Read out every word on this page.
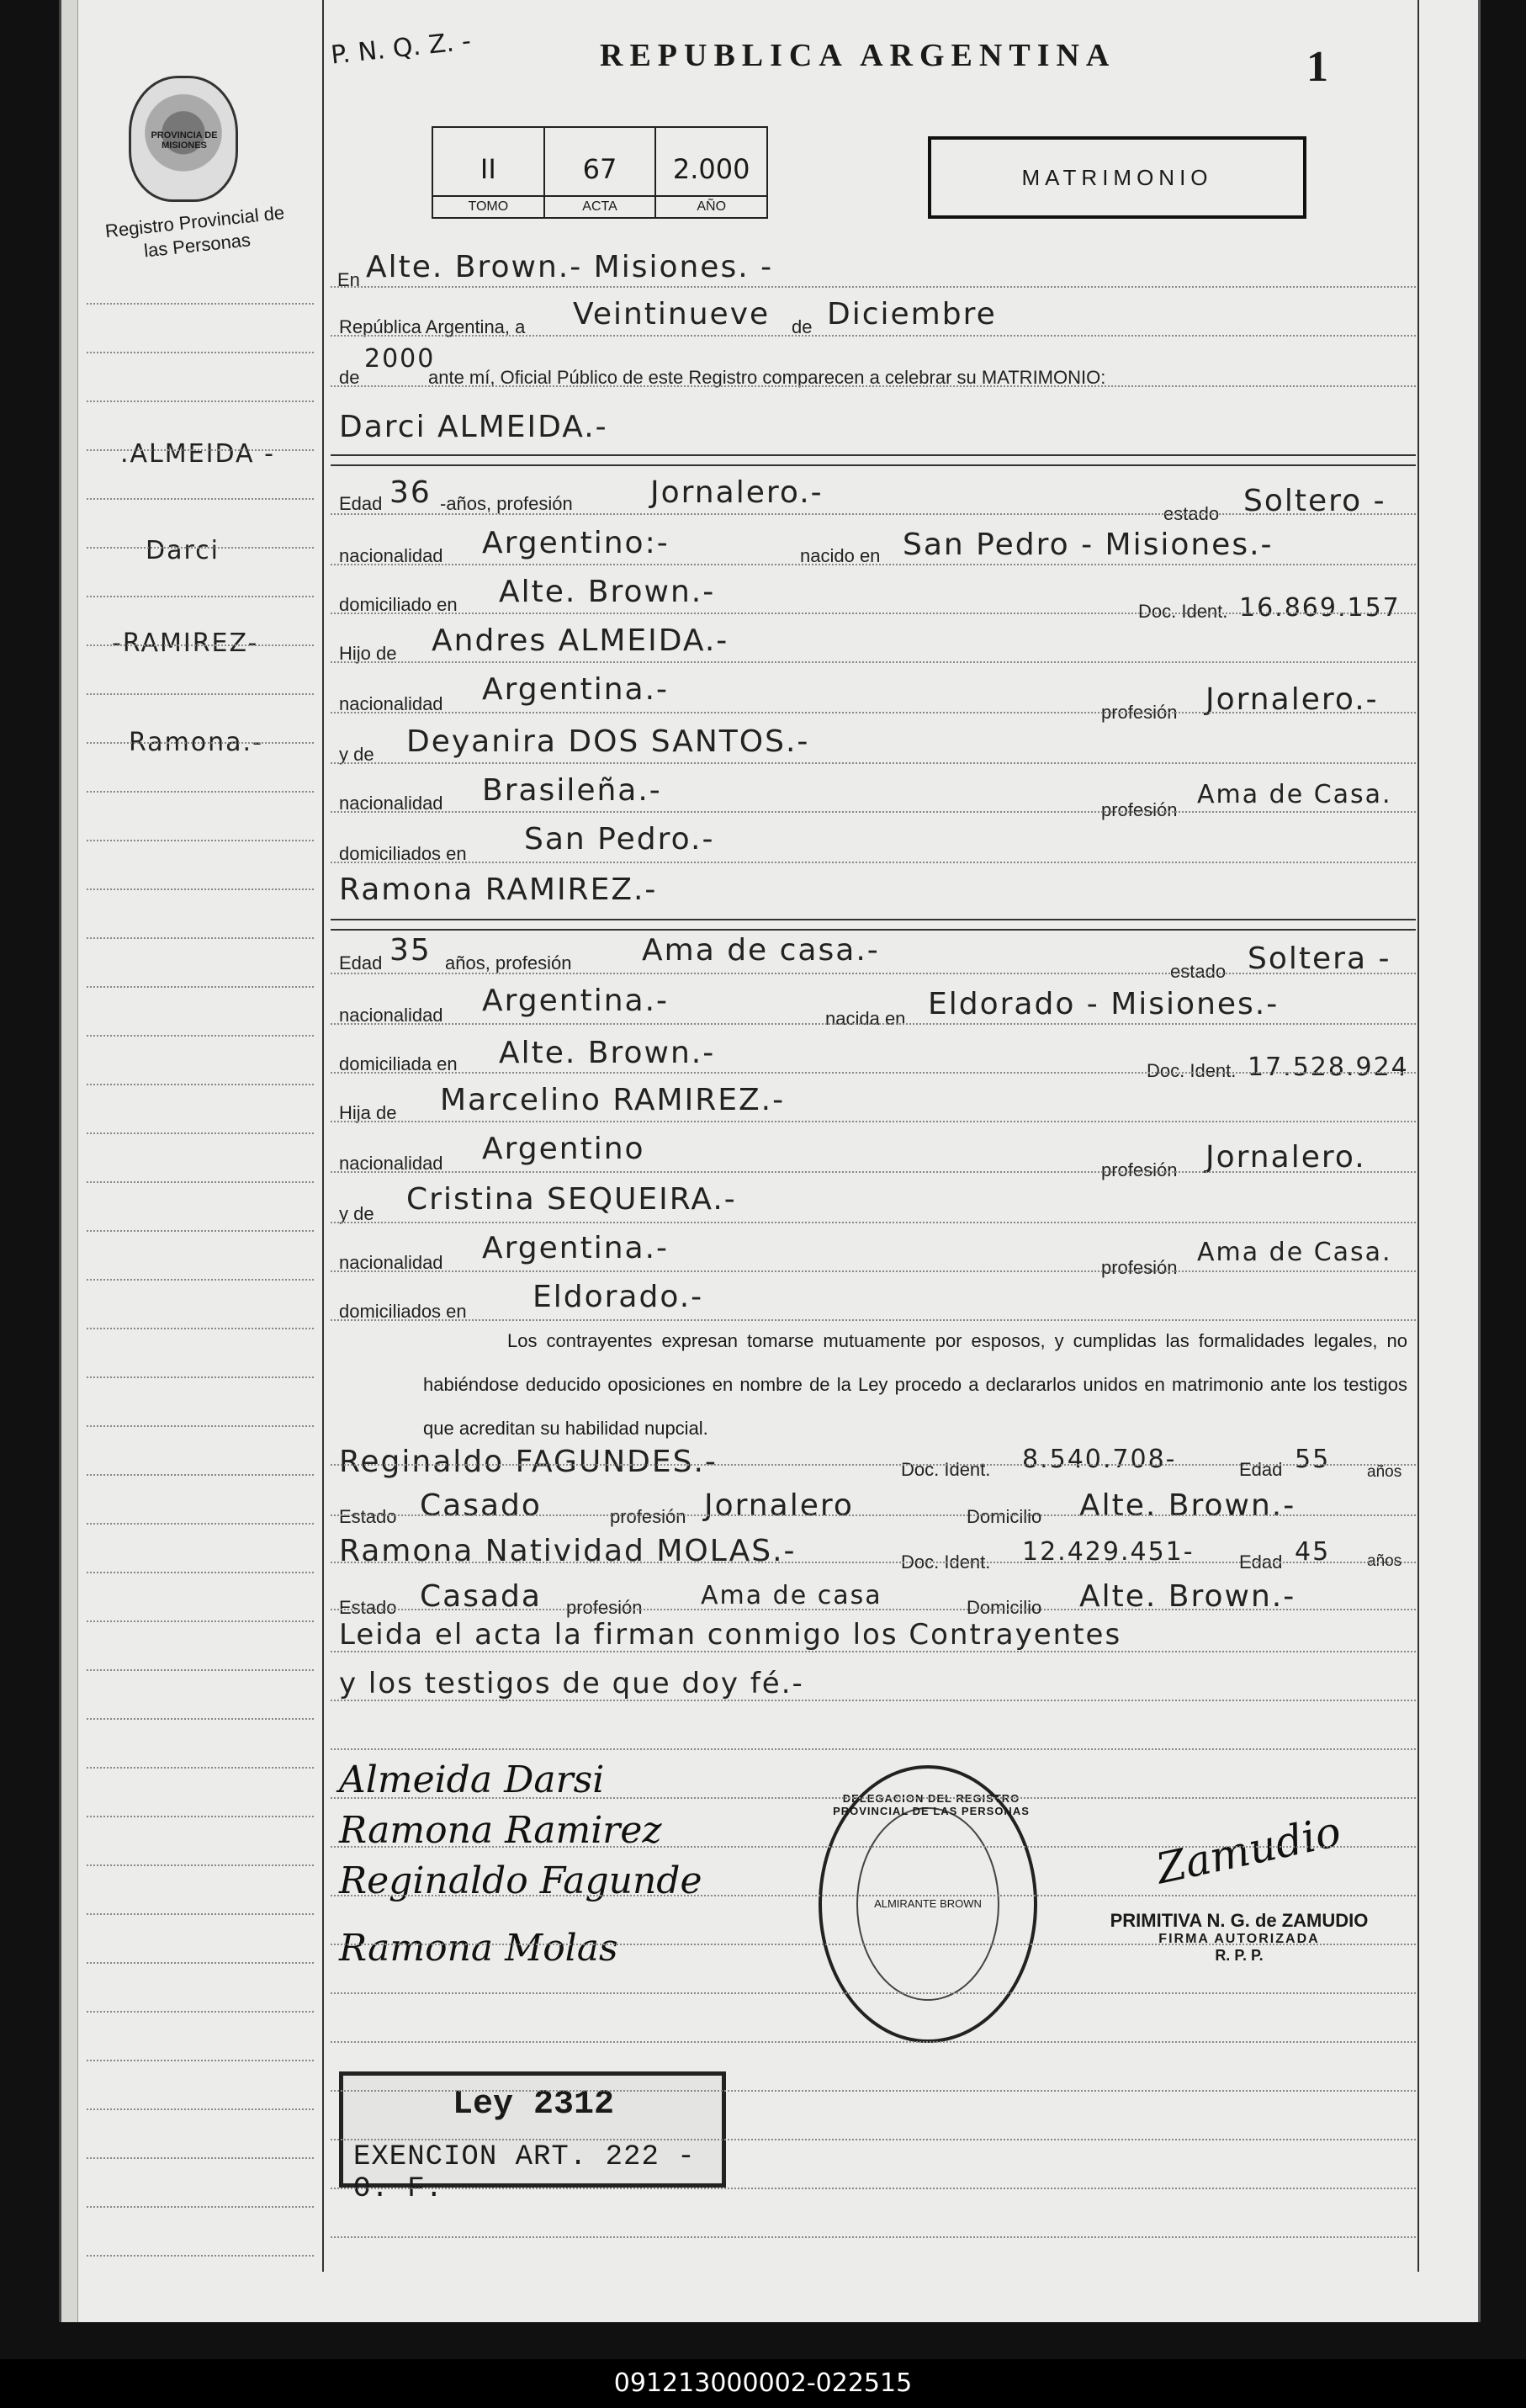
P. N. Q. Z. -	REPUBLICA ARGENTINA	1
PROVINCIA DE MISIONES
Registro Provincial de las Personas
II
TOMO
67
ACTA
2.000
AÑO
MATRIMONIO
.ALMEIDA -
Darci
-RAMIREZ-
Ramona.-
En Alte. Brown.- Misiones. -
República Argentina, a Veintinueve de Diciembre
de
2000
ante mí, Oficial Público de este Registro comparecen a celebrar su MATRIMONIO:
Darci ALMEIDA.-
Edad 36 -años, profesión	Jornalero.-
estado Soltero -
nacionalidad Argentino:-	nacido en San Pedro - Misiones.-
domiciliado en Alte. Brown.-
Doc. Ident. 16.869.157
Hijo de Andres ALMEIDA.-
nacionalidad Argentina.-
profesión Jornalero.-
y de Deyanira DOS SANTOS.-
nacionalidad Brasileña.-
profesión
Ama de Casa.
domiciliados en San Pedro.-
Ramona RAMIREZ.-
Edad 35 años, profesión Ama de casa.-
estado Soltera -
nacionalidad Argentina.-
nacida en Eldorado - Misiones.-
domiciliada en Alte. Brown.-
Doc. Ident. 17.528.924
Hija de Marcelino RAMIREZ.-
nacionalidad Argentino
profesión Jornalero.
y de Cristina SEQUEIRA.-
nacionalidad Argentina.-
profesión
Ama de Casa.
domiciliados en Eldorado.-
Los contrayentes expresan tomarse mutuamente por esposos, y cumplidas las formalidades legales, no habiéndose deducido oposiciones en nombre de la Ley procedo a declararlos unidos en matrimonio ante los testigos que acreditan su habilidad nupcial.
Reginaldo FAGUNDES.-	Doc. Ident. 8.540.708-	Edad 55 años
Estado Casado	profesión Jornalero	Domicilio Alte. Brown.-
Ramona Natividad MOLAS.-	Doc. Ident. 12.429.451- Edad 45 años
Estado Casada profesión Ama de casa	Domicilio Alte. Brown.-
Leida el acta la firman conmigo los Contrayentes
y los testigos de que doy fé.-
Almeida Darsi
Ramona Ramirez
Reginaldo Fagunde
Ramona Molas
Zamudio
DELEGACION DEL REGISTRO PROVINCIAL DE LAS PERSONAS
ALMIRANTE BROWN
PRIMITIVA N. G. de ZAMUDIO
FIRMA AUTORIZADA
R. P. P.
Ley 2312
EXENCION ART. 222 - O. F.
091213000002-022515
